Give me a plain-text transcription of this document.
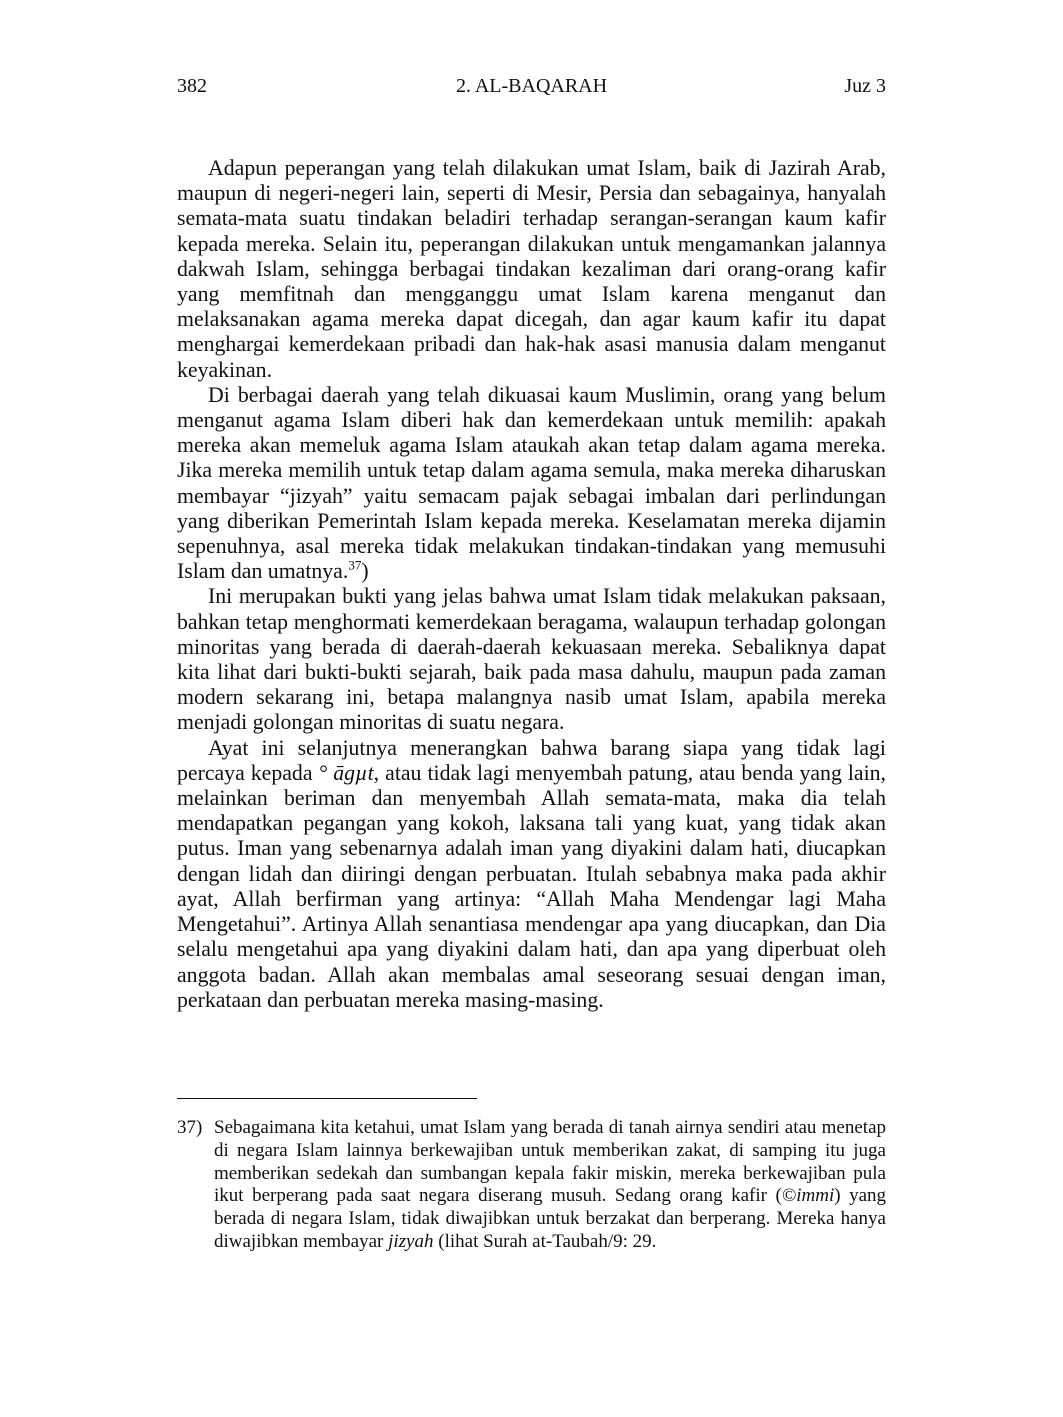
382	2. AL-BAQARAH	Juz 3

Adapun peperangan yang telah dilakukan umat Islam, baik di Jazirah Arab, maupun di negeri-negeri lain, seperti di Mesir, Persia dan sebagainya, hanyalah semata-mata suatu tindakan beladiri terhadap serangan-serangan kaum kafir kepada mereka. Selain itu, peperangan dilakukan untuk mengamankan jalannya dakwah Islam, sehingga berbagai tindakan kezaliman dari orang-orang kafir yang memfitnah dan mengganggu umat Islam karena menganut dan melaksanakan agama mereka dapat dicegah, dan agar kaum kafir itu dapat menghargai kemerdekaan pribadi dan hak-hak asasi manusia dalam menganut keyakinan.

Di berbagai daerah yang telah dikuasai kaum Muslimin, orang yang belum menganut agama Islam diberi hak dan kemerdekaan untuk memilih: apakah mereka akan memeluk agama Islam ataukah akan tetap dalam agama mereka. Jika mereka memilih untuk tetap dalam agama semula, maka mereka diharuskan membayar “jizyah” yaitu semacam pajak sebagai imbalan dari perlindungan yang diberikan Pemerintah Islam kepada mereka. Keselamatan mereka dijamin sepenuhnya, asal mereka tidak melakukan tindakan-tindakan yang memusuhi Islam dan umatnya.$^{37}$)

Ini merupakan bukti yang jelas bahwa umat Islam tidak melakukan paksaan, bahkan tetap menghormati kemerdekaan beragama, walaupun terhadap golongan minoritas yang berada di daerah-daerah kekuasaan mereka. Sebaliknya dapat kita lihat dari bukti-bukti sejarah, baik pada masa dahulu, maupun pada zaman modern sekarang ini, betapa malangnya nasib umat Islam, apabila mereka menjadi golongan minoritas di suatu negara.

Ayat ini selanjutnya menerangkan bahwa barang siapa yang tidak lagi percaya kepada ° āgµt, atau tidak lagi menyembah patung, atau benda yang lain, melainkan beriman dan menyembah Allah semata-mata, maka dia telah mendapatkan pegangan yang kokoh, laksana tali yang kuat, yang tidak akan putus. Iman yang sebenarnya adalah iman yang diyakini dalam hati, diucapkan dengan lidah dan diiringi dengan perbuatan. Itulah sebabnya maka pada akhir ayat, Allah berfirman yang artinya: “Allah Maha Mendengar lagi Maha Mengetahui”. Artinya Allah senantiasa mendengar apa yang diucapkan, dan Dia selalu mengetahui apa yang diyakini dalam hati, dan apa yang diperbuat oleh anggota badan. Allah akan membalas amal seseorang sesuai dengan iman, perkataan dan perbuatan mereka masing-masing.

37) Sebagaimana kita ketahui, umat Islam yang berada di tanah airnya sendiri atau menetap di negara Islam lainnya berkewajiban untuk memberikan zakat, di samping itu juga memberikan sedekah dan sumbangan kepala fakir miskin, mereka berkewajiban pula ikut berperang pada saat negara diserang musuh. Sedang orang kafir (©immi) yang berada di negara Islam, tidak diwajibkan untuk berzakat dan berperang. Mereka hanya diwajibkan membayar jizyah (lihat Surah at-Taubah/9: 29.
